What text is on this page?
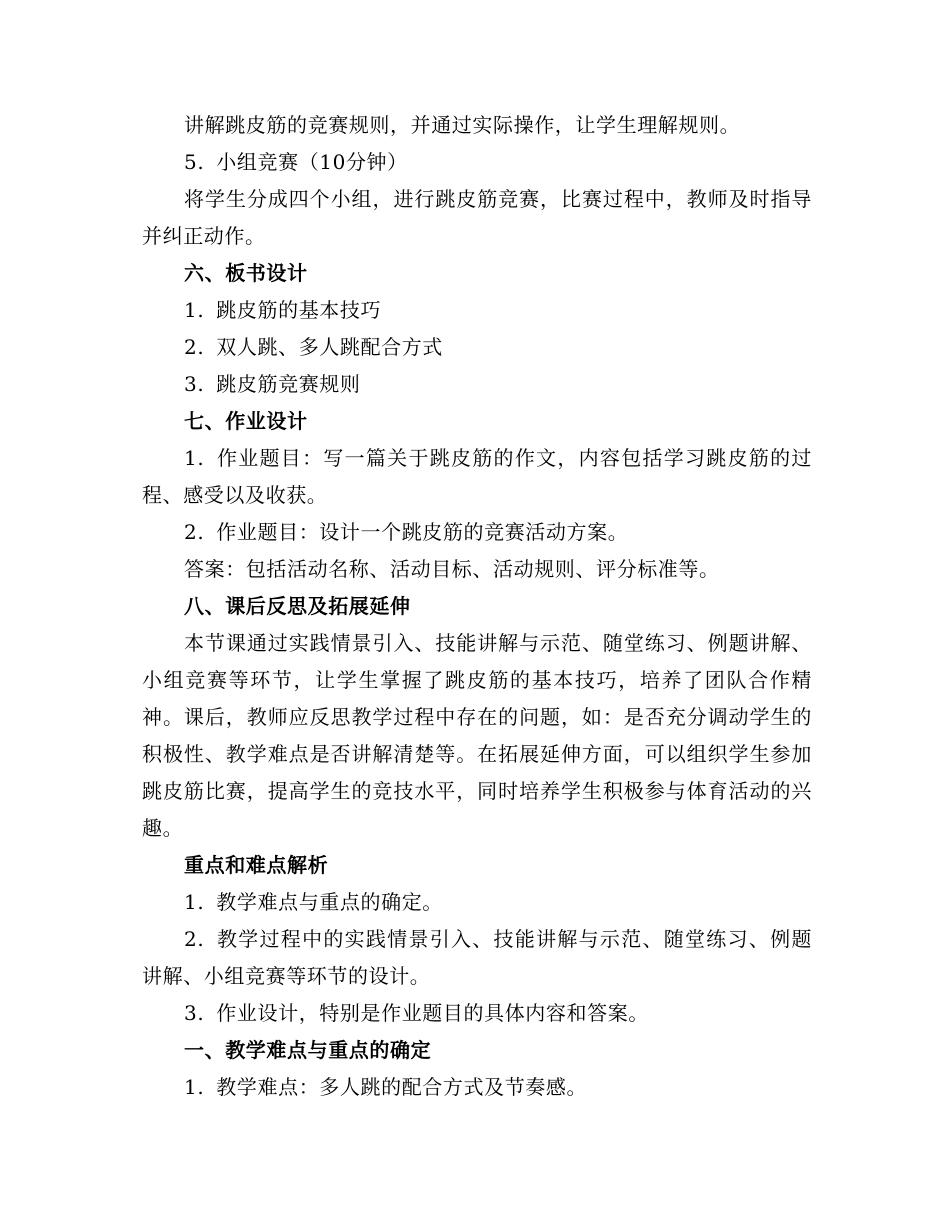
讲解跳皮筋的竞赛规则，并通过实际操作，让学生理解规则。

5. 小组竞赛（10分钟）

将学生分成四个小组，进行跳皮筋竞赛，比赛过程中，教师及时指导并纠正动作。

六、板书设计

1. 跳皮筋的基本技巧

2. 双人跳、多人跳配合方式

3. 跳皮筋竞赛规则

七、作业设计

1. 作业题目：写一篇关于跳皮筋的作文，内容包括学习跳皮筋的过程、感受以及收获。

2. 作业题目：设计一个跳皮筋的竞赛活动方案。

答案：包括活动名称、活动目标、活动规则、评分标准等。

八、课后反思及拓展延伸

本节课通过实践情景引入、技能讲解与示范、随堂练习、例题讲解、小组竞赛等环节，让学生掌握了跳皮筋的基本技巧，培养了团队合作精神。课后，教师应反思教学过程中存在的问题，如：是否充分调动学生的积极性、教学难点是否讲解清楚等。在拓展延伸方面，可以组织学生参加跳皮筋比赛，提高学生的竞技水平，同时培养学生积极参与体育活动的兴趣。

重点和难点解析

1. 教学难点与重点的确定。

2. 教学过程中的实践情景引入、技能讲解与示范、随堂练习、例题讲解、小组竞赛等环节的设计。

3. 作业设计，特别是作业题目的具体内容和答案。

一、教学难点与重点的确定

1. 教学难点：多人跳的配合方式及节奏感。
